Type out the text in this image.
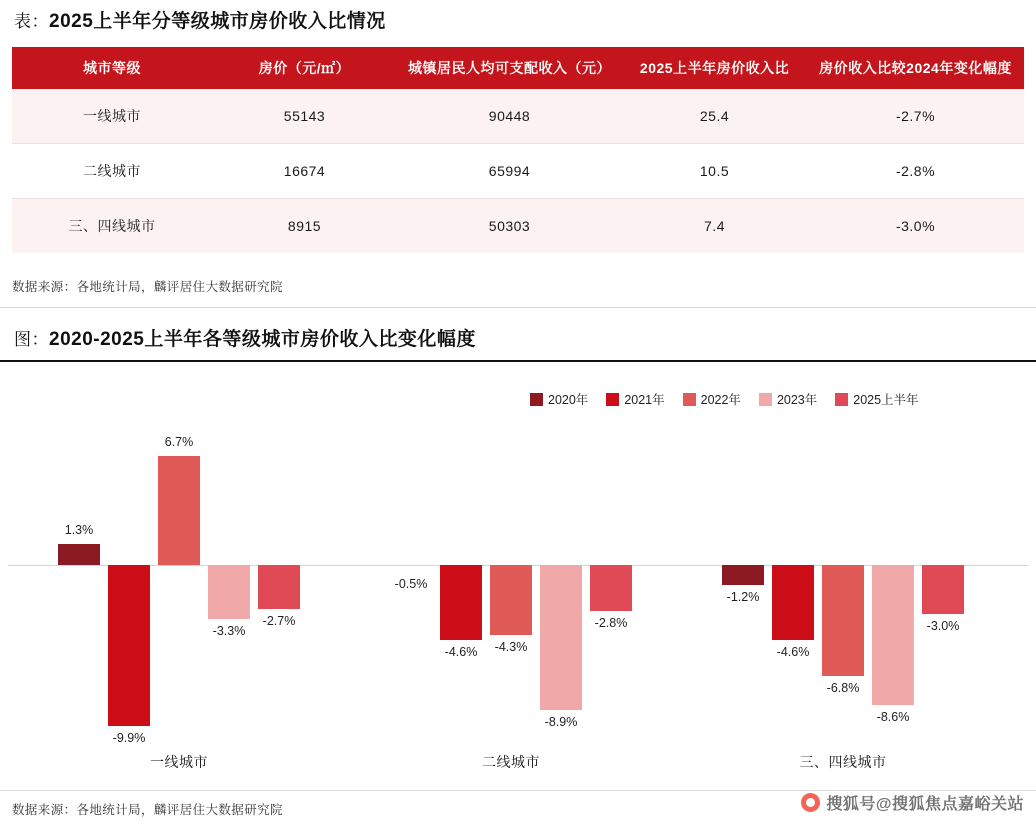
表：2025上半年分等级城市房价收入比情况
城市等级	房价（元/㎡）	城镇居民人均可支配收入（元）	2025上半年房价收入比	房价收入比较2024年变化幅度
一线城市	55143	90448	25.4	-2.7%
二线城市	16674	65994	10.5	-2.8%
三、四线城市	8915	50303	7.4	-3.0%
数据来源：各地统计局，麟评居住大数据研究院
图：2020-2025上半年各等级城市房价收入比变化幅度
2020年	2021年	2022年	2023年	2025上半年
1.3%
-1.2%
-9.9%
-4.6%	-4.6%
6.7%
-4.3%
-6.8%
-3.3%
-8.9%	-8.6%
-2.7%	-2.8%	-3.0%
-0.5%
一线城市	二线城市	三、四线城市
数据来源：各地统计局，麟评居住大数据研究院	搜狐号@搜狐焦点嘉峪关站
